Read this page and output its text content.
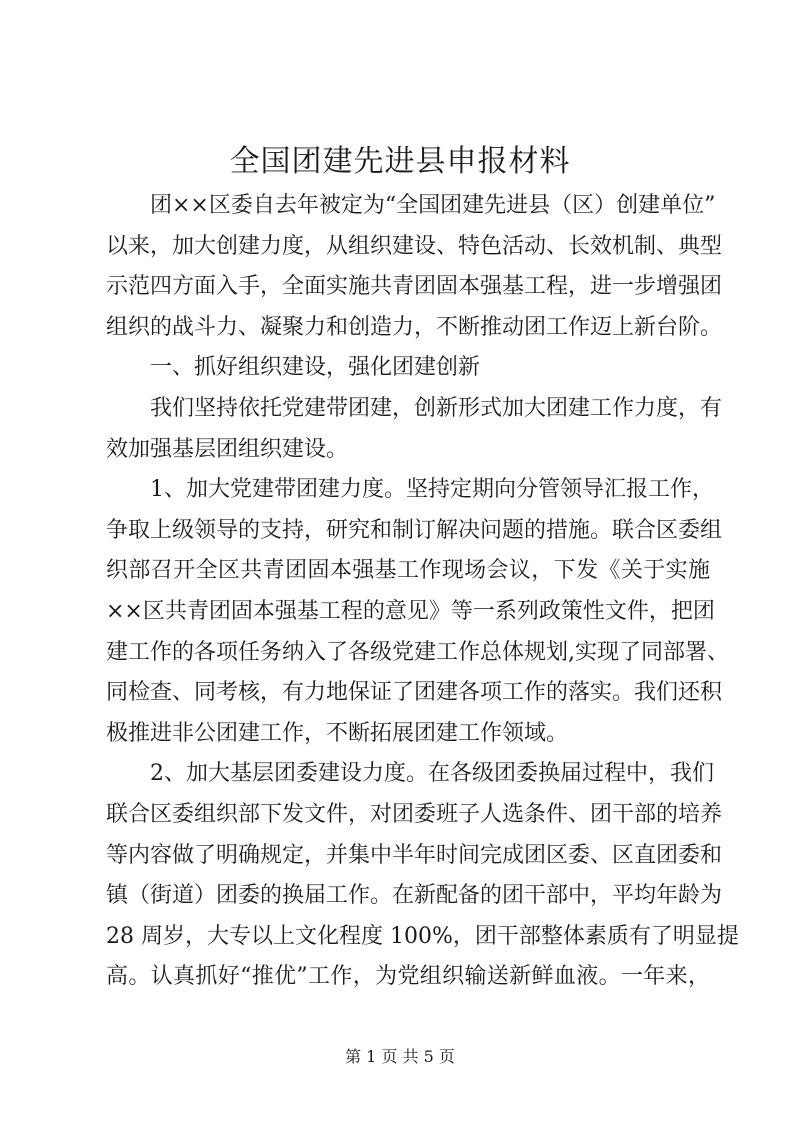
全国团建先进县申报材料
团××区委自去年被定为“全国团建先进县（区）创建单位”
以来，加大创建力度，从组织建设、特色活动、长效机制、典型
示范四方面入手，全面实施共青团固本强基工程，进一步增强团
组织的战斗力、凝聚力和创造力，不断推动团工作迈上新台阶。
一、抓好组织建设，强化团建创新
我们坚持依托党建带团建，创新形式加大团建工作力度，有
效加强基层团组织建设。
1、加大党建带团建力度。坚持定期向分管领导汇报工作，
争取上级领导的支持，研究和制订解决问题的措施。联合区委组
织部召开全区共青团固本强基工作现场会议，下发《关于实施
××区共青团固本强基工程的意见》等一系列政策性文件，把团
建工作的各项任务纳入了各级党建工作总体规划,实现了同部署、
同检查、同考核，有力地保证了团建各项工作的落实。我们还积
极推进非公团建工作，不断拓展团建工作领域。
2、加大基层团委建设力度。在各级团委换届过程中，我们
联合区委组织部下发文件，对团委班子人选条件、团干部的培养
等内容做了明确规定，并集中半年时间完成团区委、区直团委和
镇（街道）团委的换届工作。在新配备的团干部中，平均年龄为
28 周岁，大专以上文化程度 100%，团干部整体素质有了明显提
高。认真抓好“推优”工作，为党组织输送新鲜血液。一年来，
第 1 页 共 5 页
